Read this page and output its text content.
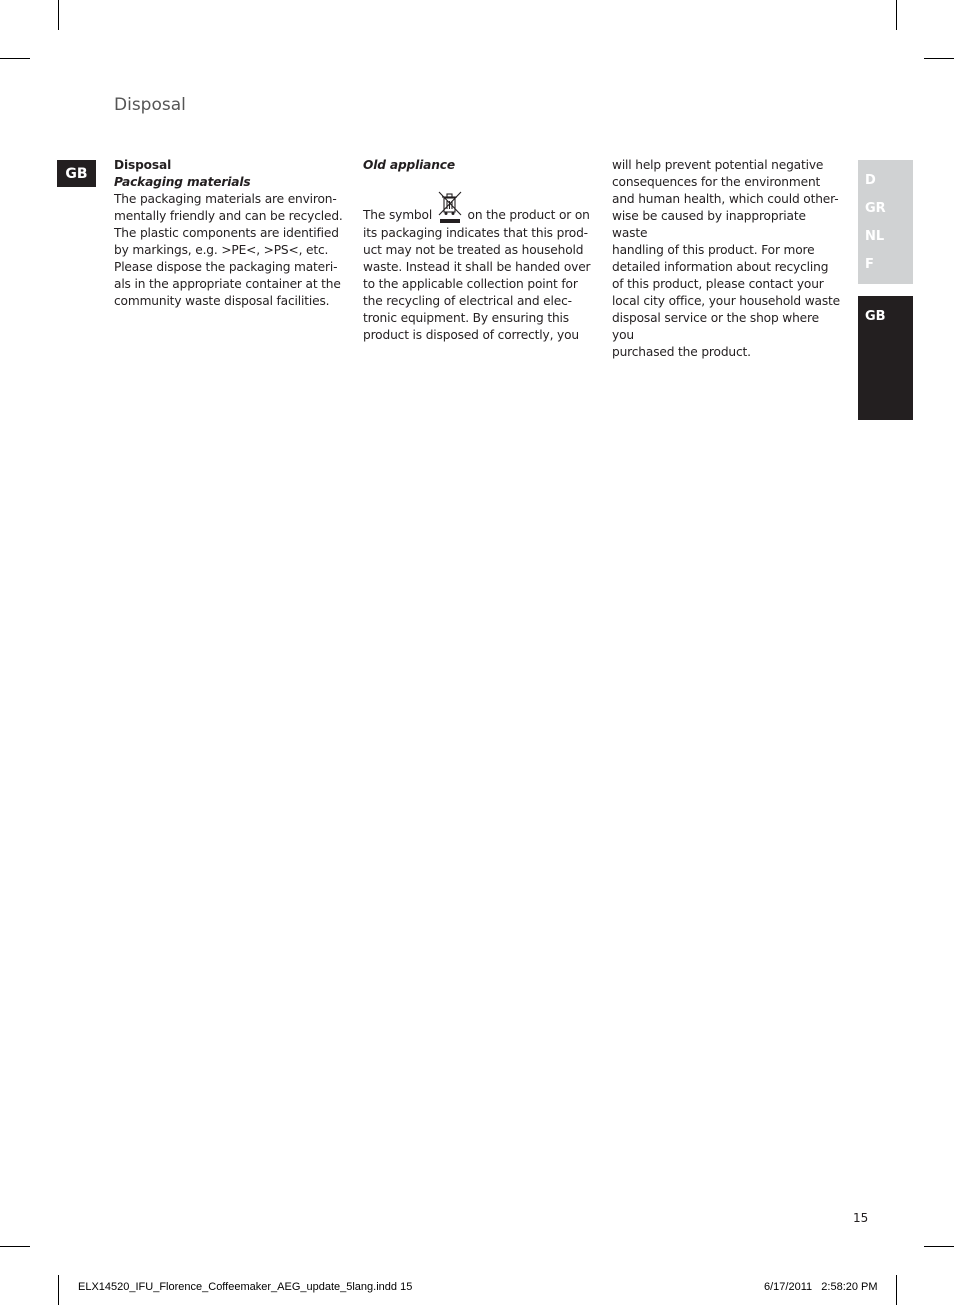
Disposal
GB

Disposal

Packaging materials

The packaging materials are environ-

mentally friendly and can be recycled.

The plastic components are identified

by markings, e.g. >PE<, >PS<, etc.

Please dispose the packaging materi-

als in the appropriate container at the

community waste disposal facilities.

Old appliance

The symbol	on the product or on

its packaging indicates that this prod-

uct may not be treated as household

waste. Instead it shall be handed over

to the applicable collection point for

the recycling of electrical and elec-

tronic equipment. By ensuring this

product is disposed of correctly, you

will help prevent potential negative

consequences for the environment

and human health, which could other-

wise be caused by inappropriate waste

handling of this product. For more

detailed information about recycling

of this product, please contact your

local city office, your household waste

disposal service or the shop where you

purchased the product.

D
GR
NL
F
GB
15
ELX14520_IFU_Florence_Coffeemaker_AEG_update_5lang.indd 15	6/17/2011   2:58:20 PM
